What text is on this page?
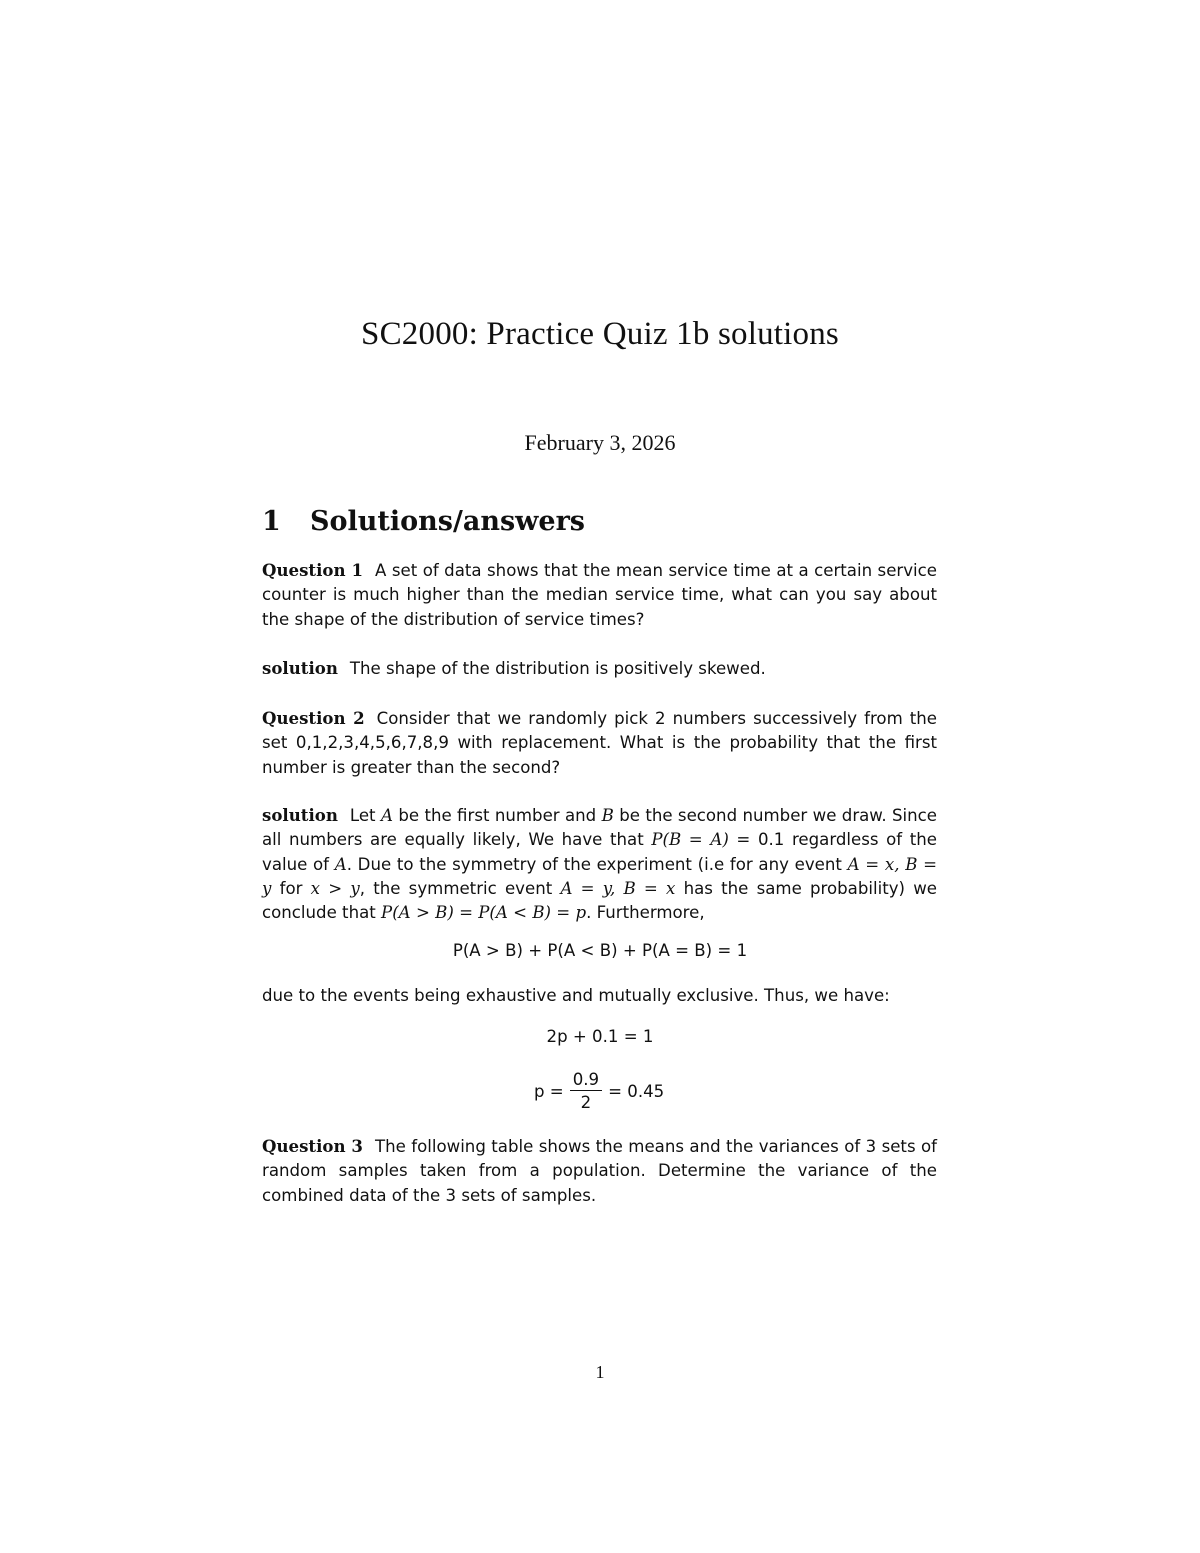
SC2000: Practice Quiz 1b solutions
February 3, 2026
1 Solutions/answers
Question 1 A set of data shows that the mean service time at a certain service counter is much higher than the median service time, what can you say about the shape of the distribution of service times?
solution The shape of the distribution is positively skewed.
Question 2 Consider that we randomly pick 2 numbers successively from the set 0,1,2,3,4,5,6,7,8,9 with replacement. What is the probability that the first number is greater than the second?
solution Let A be the first number and B be the second number we draw. Since all numbers are equally likely, We have that P(B = A) = 0.1 regardless of the value of A. Due to the symmetry of the experiment (i.e for any event A = x, B = y for x > y, the symmetric event A = y, B = x has the same probability) we conclude that P(A > B) = P(A < B) = p. Furthermore,
P(A > B) + P(A < B) + P(A = B) = 1
due to the events being exhaustive and mutually exclusive. Thus, we have:
2p + 0.1 = 1
$p = \frac{0.9}{2} = 0.45$
Question 3 The following table shows the means and the variances of 3 sets of random samples taken from a population. Determine the variance of the combined data of the 3 sets of samples.
1
